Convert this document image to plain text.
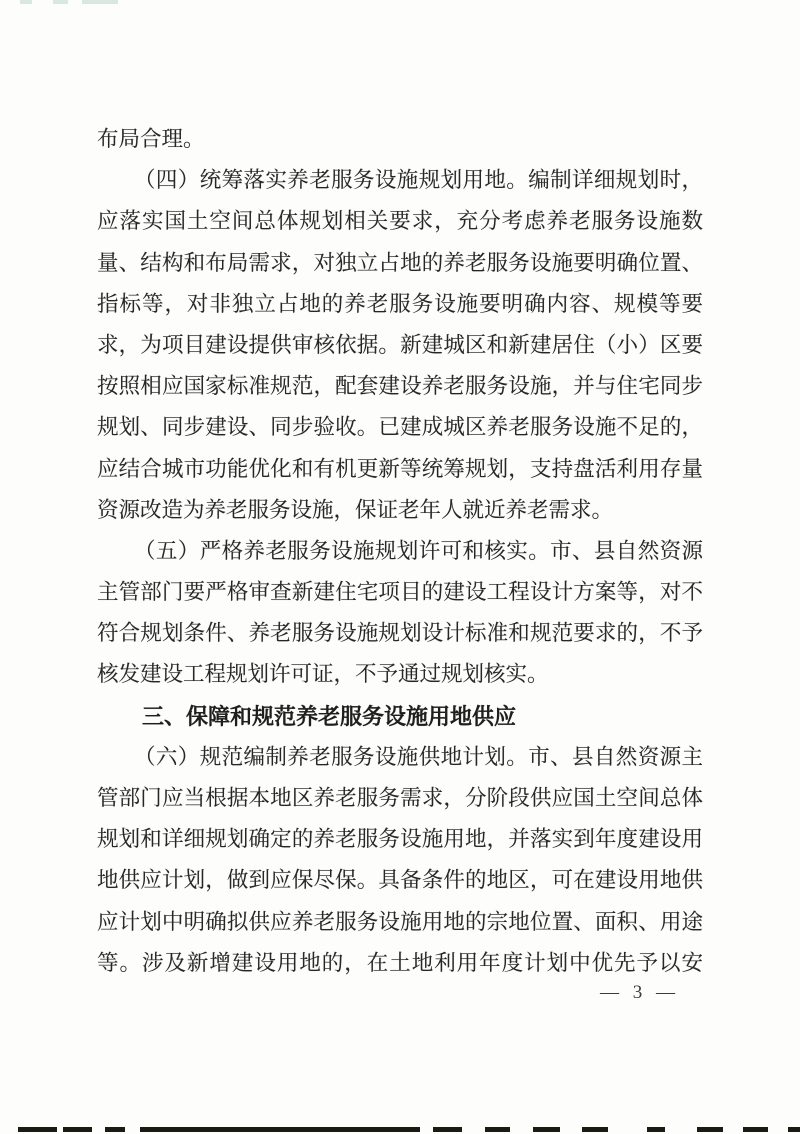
布局合理。
（四）统筹落实养老服务设施规划用地。编制详细规划时，
应落实国土空间总体规划相关要求，充分考虑养老服务设施数
量、结构和布局需求，对独立占地的养老服务设施要明确位置、
指标等，对非独立占地的养老服务设施要明确内容、规模等要
求，为项目建设提供审核依据。新建城区和新建居住（小）区要
按照相应国家标准规范，配套建设养老服务设施，并与住宅同步
规划、同步建设、同步验收。已建成城区养老服务设施不足的，
应结合城市功能优化和有机更新等统筹规划，支持盘活利用存量
资源改造为养老服务设施，保证老年人就近养老需求。
（五）严格养老服务设施规划许可和核实。市、县自然资源
主管部门要严格审查新建住宅项目的建设工程设计方案等，对不
符合规划条件、养老服务设施规划设计标准和规范要求的，不予
核发建设工程规划许可证，不予通过规划核实。
三、保障和规范养老服务设施用地供应
（六）规范编制养老服务设施供地计划。市、县自然资源主
管部门应当根据本地区养老服务需求，分阶段供应国土空间总体
规划和详细规划确定的养老服务设施用地，并落实到年度建设用
地供应计划，做到应保尽保。具备条件的地区，可在建设用地供
应计划中明确拟供应养老服务设施用地的宗地位置、面积、用途
等。涉及新增建设用地的，在土地利用年度计划中优先予以安
— 3 —
